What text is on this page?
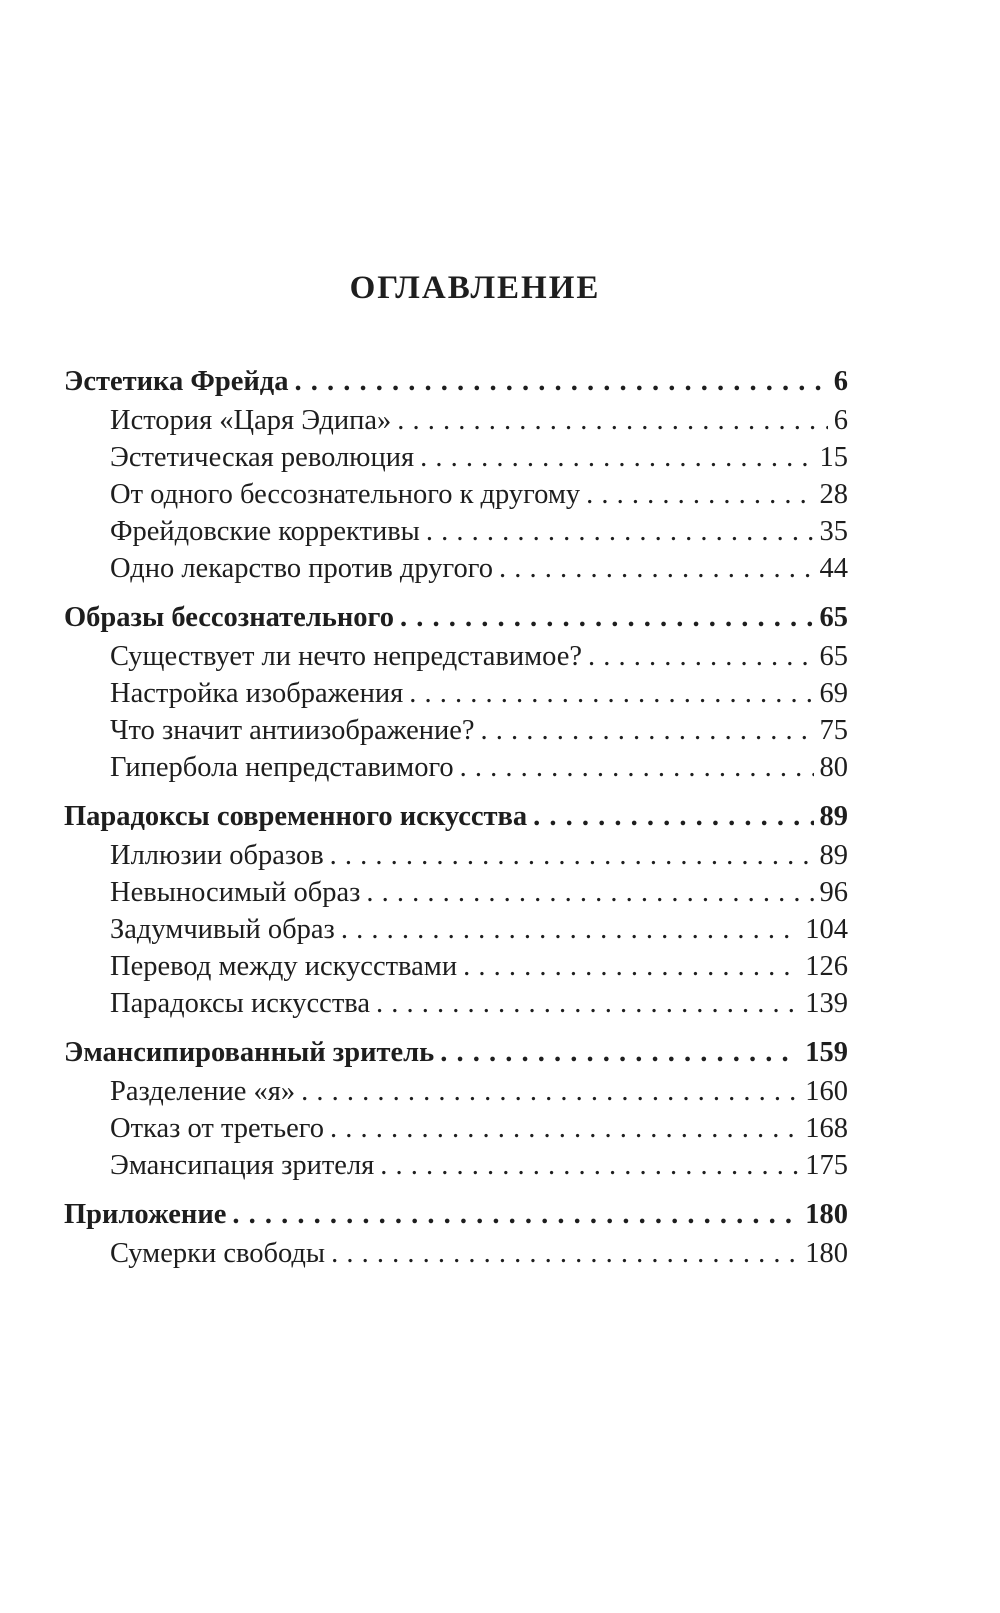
ОГЛАВЛЕНИЕ
Эстетика Фрейда . . .	6
История «Царя Эдипа» . . .	6
Эстетическая революция . . .	15
От одного бессознательного к другому . . .	28
Фрейдовские коррективы . . .	35
Одно лекарство против другого . . .	44
Образы бессознательного . . .	65
Существует ли нечто непредставимое? . . .	65
Настройка изображения . . .	69
Что значит антиизображение? . . .	75
Гипербола непредставимого . . .	80
Парадоксы современного искусства . . .	89
Иллюзии образов . . .	89
Невыносимый образ . . .	96
Задумчивый образ . . .	104
Перевод между искусствами . . .	126
Парадоксы искусства . . .	139
Эмансипированный зритель . . .	159
Разделение «я» . . .	160
Отказ от третьего . . .	168
Эмансипация зрителя . . .	175
Приложение . . .	180
Сумерки свободы . . .	180
